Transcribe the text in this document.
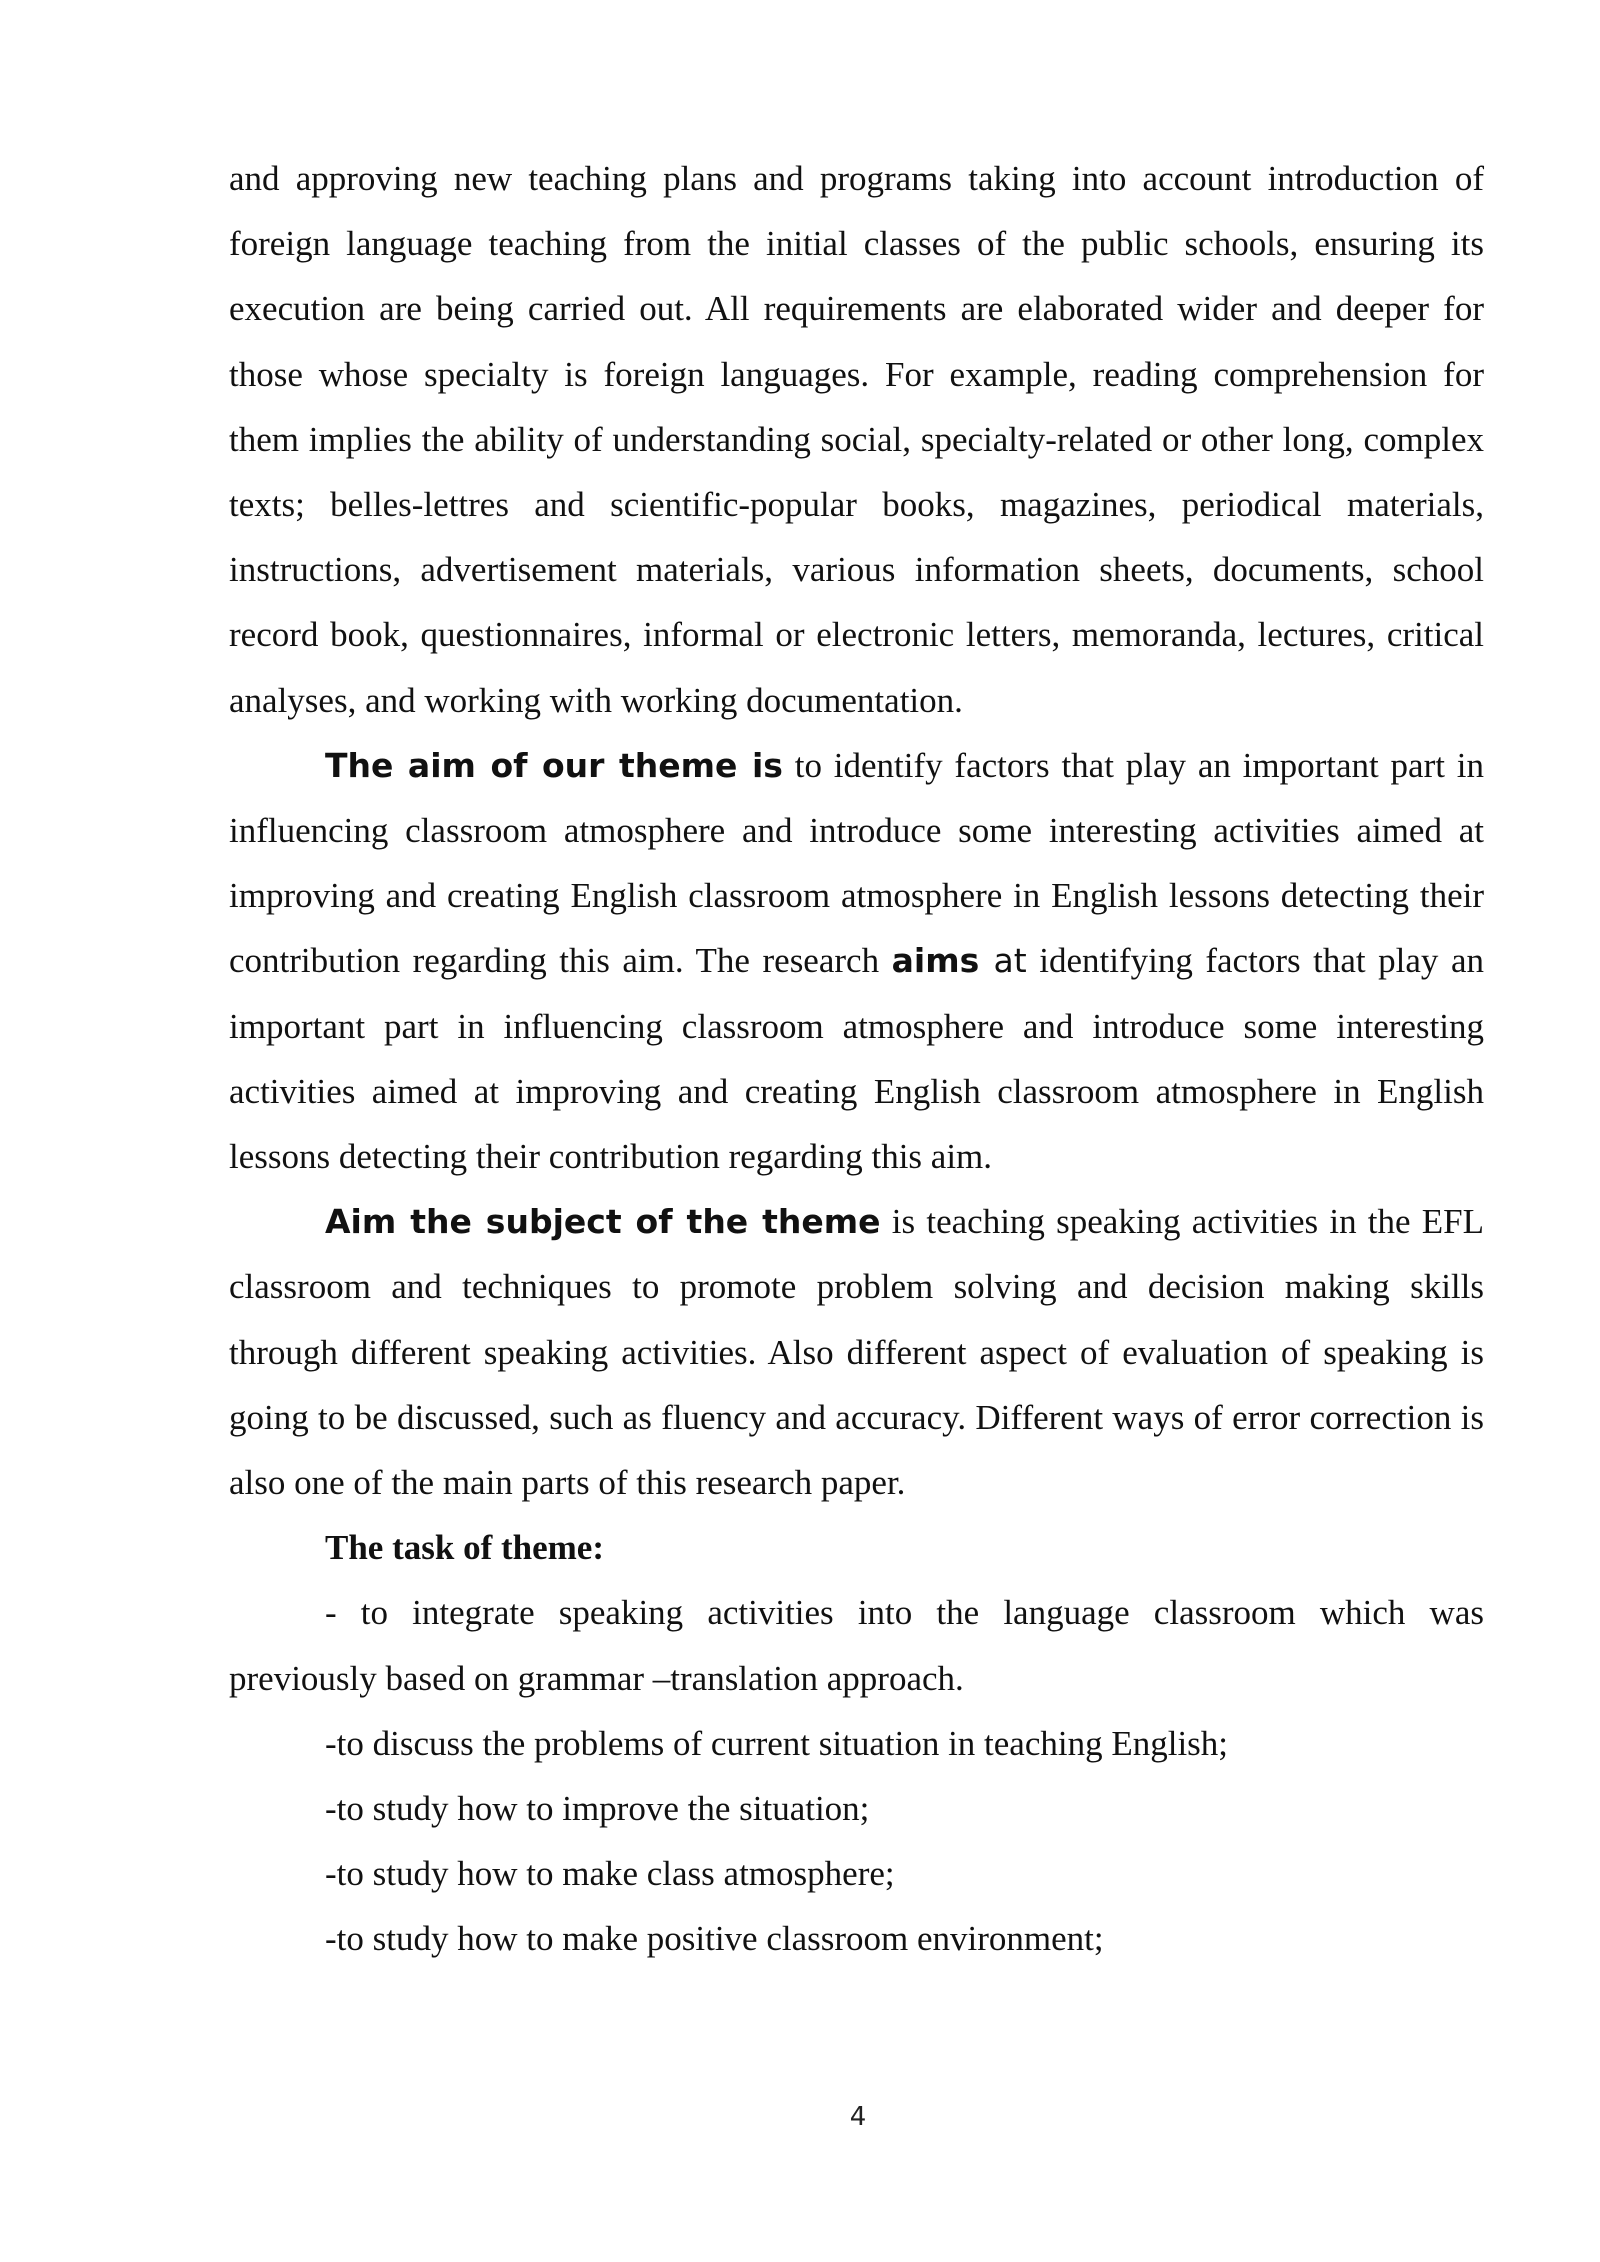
and approving new teaching plans and programs taking into account introduction of foreign language teaching from the initial classes of the public schools, ensuring its execution are being carried out. All requirements are elaborated wider and deeper for those whose specialty is foreign languages. For example, reading comprehension for them implies the ability of understanding social, specialty-related or other long, complex texts; belles-lettres and scientific-popular books, magazines, periodical materials, instructions, advertisement materials, various information sheets, documents, school record book, questionnaires, informal or electronic letters, memoranda, lectures, critical analyses, and working with working documentation.

The aim of our theme is to identify factors that play an important part in influencing classroom atmosphere and introduce some interesting activities aimed at improving and creating English classroom atmosphere in English lessons detecting their contribution regarding this aim. The research aims at identifying factors that play an important part in influencing classroom atmosphere and introduce some interesting activities aimed at improving and creating English classroom atmosphere in English lessons detecting their contribution regarding this aim.

Aim the subject of the theme is teaching speaking activities in the EFL classroom and techniques to promote problem solving and decision making skills through different speaking activities. Also different aspect of evaluation of speaking is going to be discussed, such as fluency and accuracy. Different ways of error correction is also one of the main parts of this research paper.

The task of theme:

- to integrate speaking activities into the language classroom which was previously based on grammar –translation approach.

-to discuss the problems of current situation in teaching English;

-to study how to improve the situation;

-to study how to make class atmosphere;

-to study how to make positive classroom environment;

4
